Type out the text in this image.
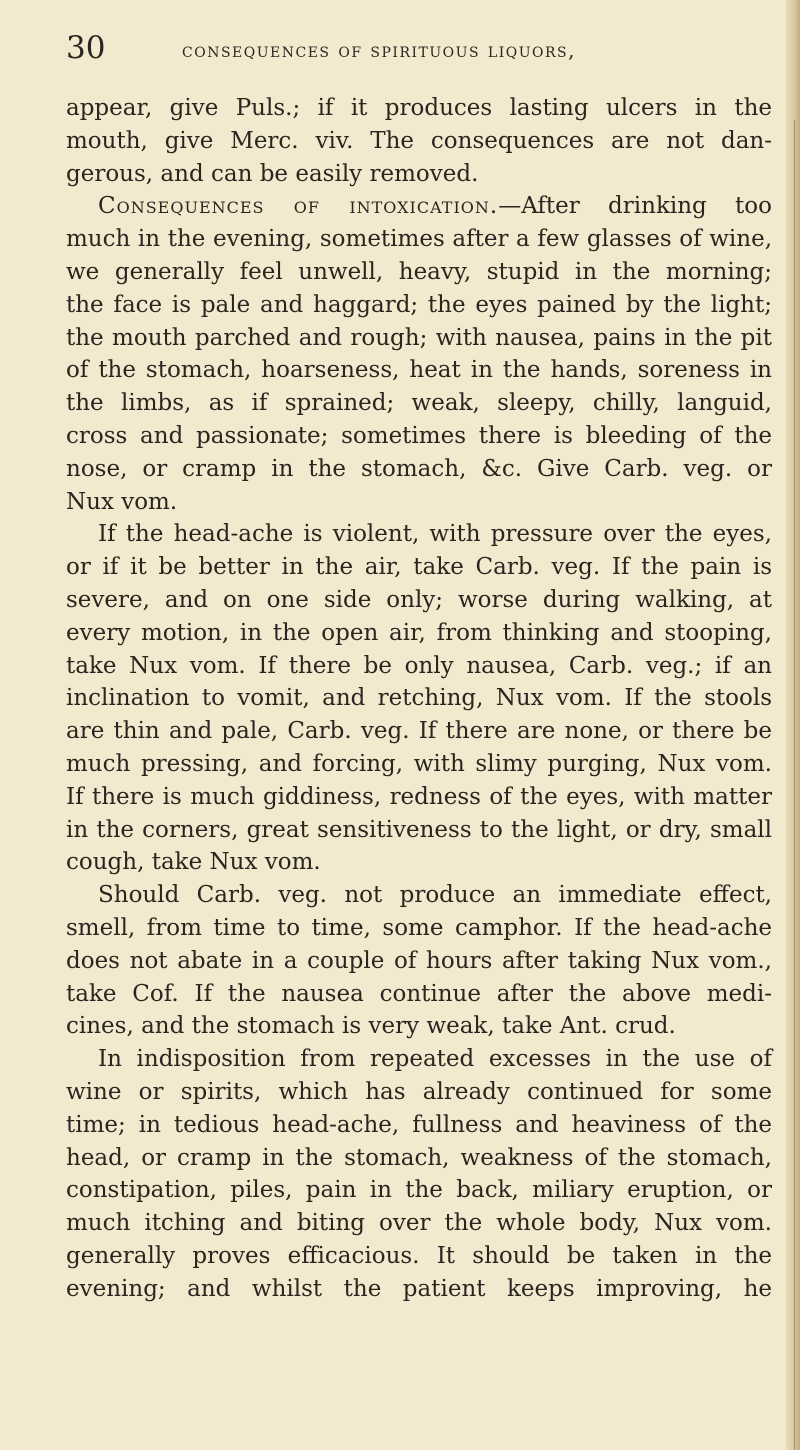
30	consequences of spirituous liquors,
appear, give Puls.; if it produces lasting ulcers in the
mouth, give Merc. viv. The consequences are not dan-
gerous, and can be easily removed.
Consequences of intoxication.—After drinking too
much in the evening, sometimes after a few glasses of wine,
we generally feel unwell, heavy, stupid in the morning;
the face is pale and haggard; the eyes pained by the light;
the mouth parched and rough; with nausea, pains in the pit
of the stomach, hoarseness, heat in the hands, soreness in
the limbs, as if sprained; weak, sleepy, chilly, languid,
cross and passionate; sometimes there is bleeding of the
nose, or cramp in the stomach, &c. Give Carb. veg. or
Nux vom.
If the head-ache is violent, with pressure over the eyes,
or if it be better in the air, take Carb. veg. If the pain is
severe, and on one side only; worse during walking, at
every motion, in the open air, from thinking and stooping,
take Nux vom. If there be only nausea, Carb. veg.; if an
inclination to vomit, and retching, Nux vom. If the stools
are thin and pale, Carb. veg. If there are none, or there be
much pressing, and forcing, with slimy purging, Nux vom.
If there is much giddiness, redness of the eyes, with matter
in the corners, great sensitiveness to the light, or dry, small
cough, take Nux vom.
Should Carb. veg. not produce an immediate effect,
smell, from time to time, some camphor. If the head-ache
does not abate in a couple of hours after taking Nux vom.,
take Cof. If the nausea continue after the above medi-
cines, and the stomach is very weak, take Ant. crud.
In indisposition from repeated excesses in the use of
wine or spirits, which has already continued for some
time; in tedious head-ache, fullness and heaviness of the
head, or cramp in the stomach, weakness of the stomach,
constipation, piles, pain in the back, miliary eruption, or
much itching and biting over the whole body, Nux vom.
generally proves efficacious. It should be taken in the
evening; and whilst the patient keeps improving, he
